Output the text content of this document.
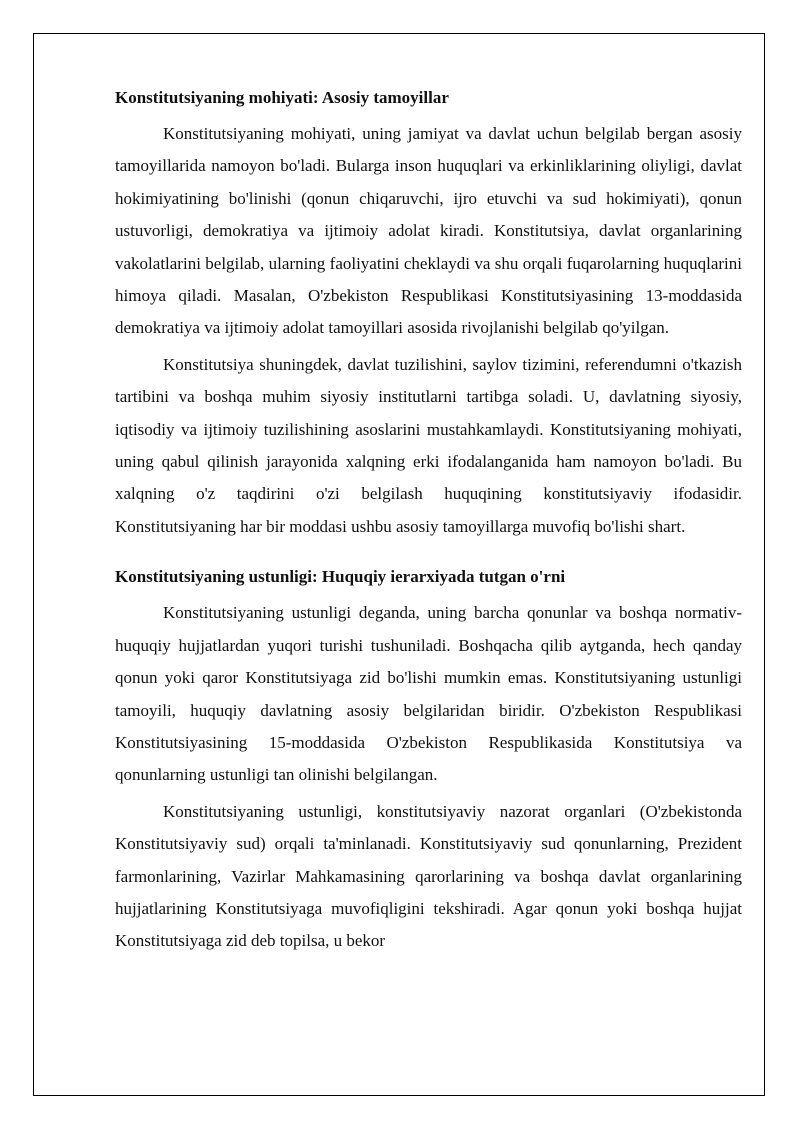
Konstitutsiyaning mohiyati: Asosiy tamoyillar

Konstitutsiyaning mohiyati, uning jamiyat va davlat uchun belgilab bergan asosiy tamoyillarida namoyon bo'ladi. Bularga inson huquqlari va erkinliklarining oliyligi, davlat hokimiyatining bo'linishi (qonun chiqaruvchi, ijro etuvchi va sud hokimiyati), qonun ustuvorligi, demokratiya va ijtimoiy adolat kiradi. Konstitutsiya, davlat organlarining vakolatlarini belgilab, ularning faoliyatini cheklaydi va shu orqali fuqarolarning huquqlarini himoya qiladi. Masalan, O'zbekiston Respublikasi Konstitutsiyasining 13-moddasida demokratiya va ijtimoiy adolat tamoyillari asosida rivojlanishi belgilab qo'yilgan.

Konstitutsiya shuningdek, davlat tuzilishini, saylov tizimini, referendumni o'tkazish tartibini va boshqa muhim siyosiy institutlarni tartibga soladi. U, davlatning siyosiy, iqtisodiy va ijtimoiy tuzilishining asoslarini mustahkamlaydi. Konstitutsiyaning mohiyati, uning qabul qilinish jarayonida xalqning erki ifodalanganida ham namoyon bo'ladi. Bu xalqning o'z taqdirini o'zi belgilash huquqining konstitutsiyaviy ifodasidir. Konstitutsiyaning har bir moddasi ushbu asosiy tamoyillarga muvofiq bo'lishi shart.

Konstitutsiyaning ustunligi: Huquqiy ierarxiyada tutgan o'rni

Konstitutsiyaning ustunligi deganda, uning barcha qonunlar va boshqa normativ-huquqiy hujjatlardan yuqori turishi tushuniladi. Boshqacha qilib aytganda, hech qanday qonun yoki qaror Konstitutsiyaga zid bo'lishi mumkin emas. Konstitutsiyaning ustunligi tamoyili, huquqiy davlatning asosiy belgilaridan biridir. O'zbekiston Respublikasi Konstitutsiyasining 15-moddasida O'zbekiston Respublikasida Konstitutsiya va qonunlarning ustunligi tan olinishi belgilangan.

Konstitutsiyaning ustunligi, konstitutsiyaviy nazorat organlari (O'zbekistonda Konstitutsiyaviy sud) orqali ta'minlanadi. Konstitutsiyaviy sud qonunlarning, Prezident farmonlarining, Vazirlar Mahkamasining qarorlarining va boshqa davlat organlarining hujjatlarining Konstitutsiyaga muvofiqligini tekshiradi. Agar qonun yoki boshqa hujjat Konstitutsiyaga zid deb topilsa, u bekor
